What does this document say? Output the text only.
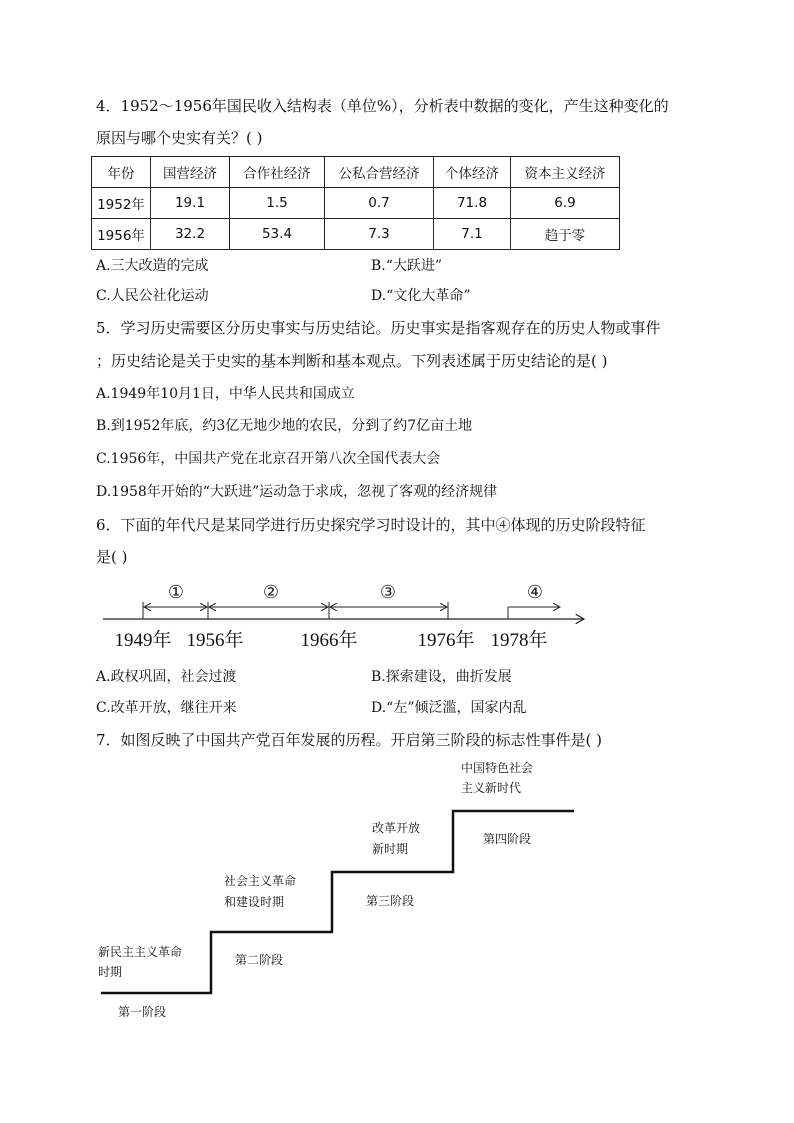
4．1952～1956年国民收入结构表（单位%），分析表中数据的变化，产生这种变化的
原因与哪个史实有关？( )
年份	国营经济	合作社经济	公私合营经济	个体经济	资本主义经济
1952年	19.1	1.5	0.7	71.8	6.9
1956年	32.2	53.4	7.3	7.1	趋于零
A.三大改造的完成	B.“大跃进”
C.人民公社化运动	D.“文化大革命”
5．学习历史需要区分历史事实与历史结论。历史事实是指客观存在的历史人物或事件
；历史结论是关于史实的基本判断和基本观点。下列表述属于历史结论的是( )
A.1949年10月1日，中华人民共和国成立
B.到1952年底，约3亿无地少地的农民，分到了约7亿亩土地
C.1956年，中国共产党在北京召开第八次全国代表大会
D.1958年开始的“大跃进”运动急于求成，忽视了客观的经济规律
6．下面的年代尺是某同学进行历史探究学习时设计的，其中④体现的历史阶段特征
是( )
①	②	③	④
1949年 1956年	1966年	1976年 1978年
新民主主义革命
时期
社会主义革命
和建设时期
改革开放
新时期
中国特色社会
主义新时代
第一阶段
第二阶段
第三阶段
第四阶段
A.政权巩固，社会过渡	B.探索建设，曲折发展
C.改革开放，继往开来	D.“左”倾泛滥，国家内乱
7．如图反映了中国共产党百年发展的历程。开启第三阶段的标志性事件是( )
